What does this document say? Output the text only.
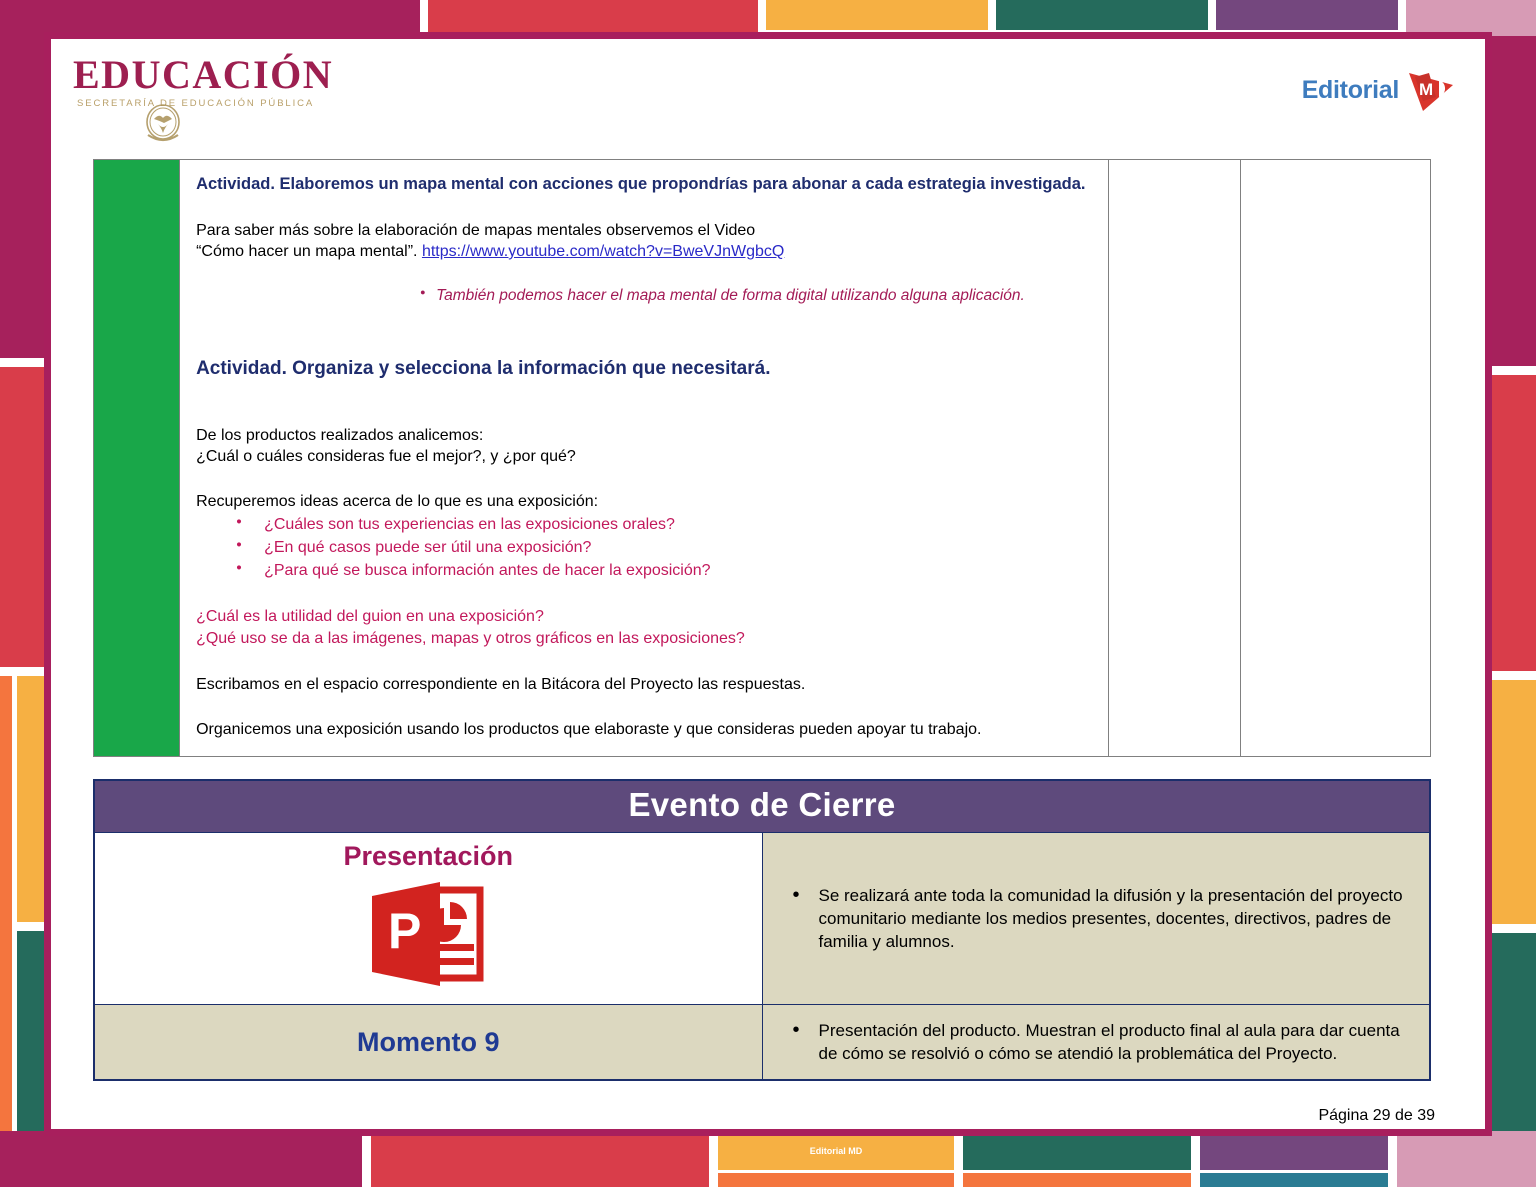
Editorial MD
EDUCACIÓN
SECRETARÍA DE EDUCACIÓN PÚBLICA	Editorial M

Actividad. Elaboremos un mapa mental con acciones que propondrías para abonar a cada estrategia investigada.

Para saber más sobre la elaboración de mapas mentales observemos el Video

“Cómo hacer un mapa mental”. https://www.youtube.com/watch?v=BweVJnWgbcQ

● También podemos hacer el mapa mental de forma digital utilizando alguna aplicación.

Actividad. Organiza y selecciona la información que necesitará.

De los productos realizados analicemos:

¿Cuál o cuáles consideras fue el mejor?, y ¿por qué?

Recuperemos ideas acerca de lo que es una exposición:

● ¿Cuáles son tus experiencias en las exposiciones orales?
● ¿En qué casos puede ser útil una exposición?
● ¿Para qué se busca información antes de hacer la exposición?

¿Cuál es la utilidad del guion en una exposición?

¿Qué uso se da a las imágenes, mapas y otros gráficos en las exposiciones?

Escribamos en el espacio correspondiente en la Bitácora del Proyecto las respuestas.

Organicemos una exposición usando los productos que elaboraste y que consideras pueden apoyar tu trabajo.

Evento de Cierre	

Presentación
P

• Se realizará ante toda la comunidad la difusión y la presentación del proyecto comunitario mediante los medios presentes, docentes, directivos, padres de familia y alumnos.

Momento 9	
•Presentación del producto. Muestran el producto final al aula para dar cuenta de cómo se resolvió o cómo se atendió la problemática del Proyecto.
Página 29 de 39
